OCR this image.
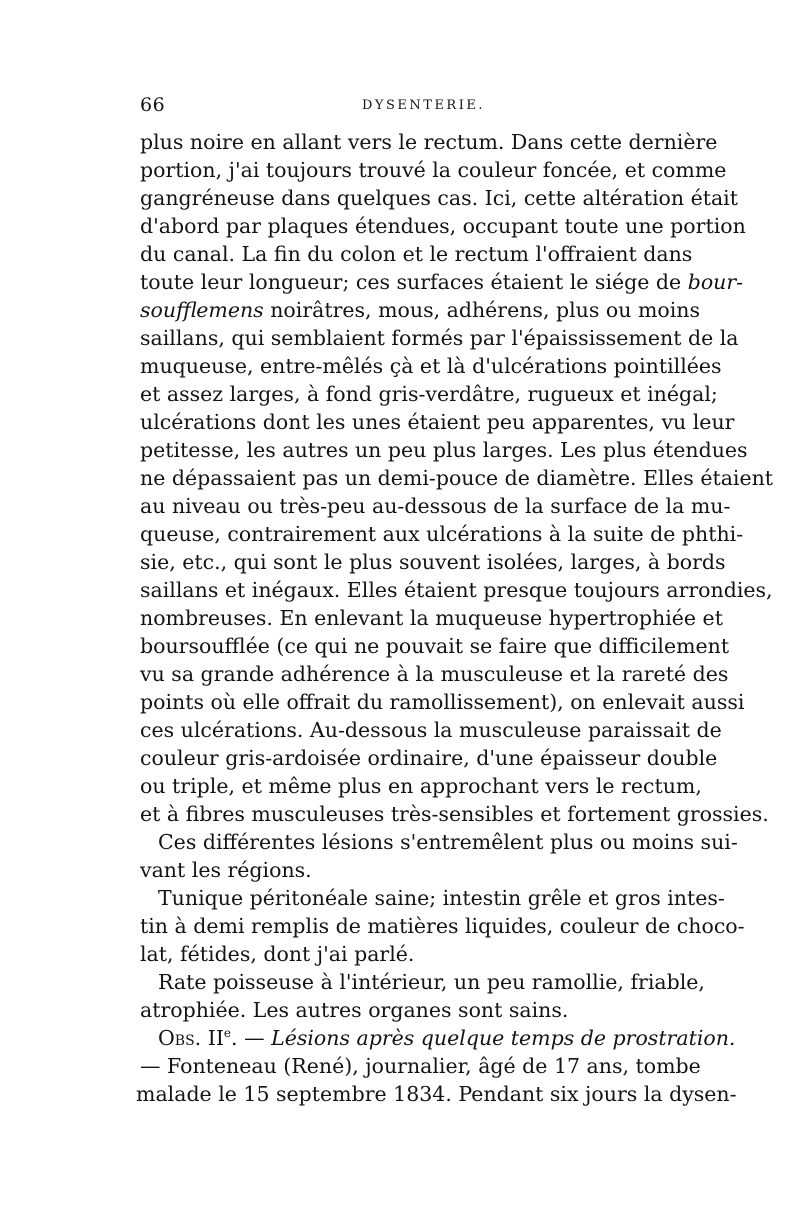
66	DYSENTERIE.
plus noire en allant vers le rectum. Dans cette dernière
portion, j'ai toujours trouvé la couleur foncée, et comme
gangréneuse dans quelques cas. Ici, cette altération était
d'abord par plaques étendues, occupant toute une portion
du canal. La fin du colon et le rectum l'offraient dans
toute leur longueur; ces surfaces étaient le siége de bour-
soufflemens noirâtres, mous, adhérens, plus ou moins
saillans, qui semblaient formés par l'épaississement de la
muqueuse, entre-mêlés çà et là d'ulcérations pointillées
et assez larges, à fond gris-verdâtre, rugueux et inégal;
ulcérations dont les unes étaient peu apparentes, vu leur
petitesse, les autres un peu plus larges. Les plus étendues
ne dépassaient pas un demi-pouce de diamètre. Elles étaient
au niveau ou très-peu au-dessous de la surface de la mu-
queuse, contrairement aux ulcérations à la suite de phthi-
sie, etc., qui sont le plus souvent isolées, larges, à bords
saillans et inégaux. Elles étaient presque toujours arrondies,
nombreuses. En enlevant la muqueuse hypertrophiée et
boursoufflée (ce qui ne pouvait se faire que difficilement
vu sa grande adhérence à la musculeuse et la rareté des
points où elle offrait du ramollissement), on enlevait aussi
ces ulcérations. Au-dessous la musculeuse paraissait de
couleur gris-ardoisée ordinaire, d'une épaisseur double
ou triple, et même plus en approchant vers le rectum,
et à fibres musculeuses très-sensibles et fortement grossies.
Ces différentes lésions s'entremêlent plus ou moins sui-
vant les régions.
Tunique péritonéale saine; intestin grêle et gros intes-
tin à demi remplis de matières liquides, couleur de choco-
lat, fétides, dont j'ai parlé.
Rate poisseuse à l'intérieur, un peu ramollie, friable,
atrophiée. Les autres organes sont sains.
Obs. IIe. — Lésions après quelque temps de prostration.
— Fonteneau (René), journalier, âgé de 17 ans, tombe
malade le 15 septembre 1834. Pendant six jours la dysen-
